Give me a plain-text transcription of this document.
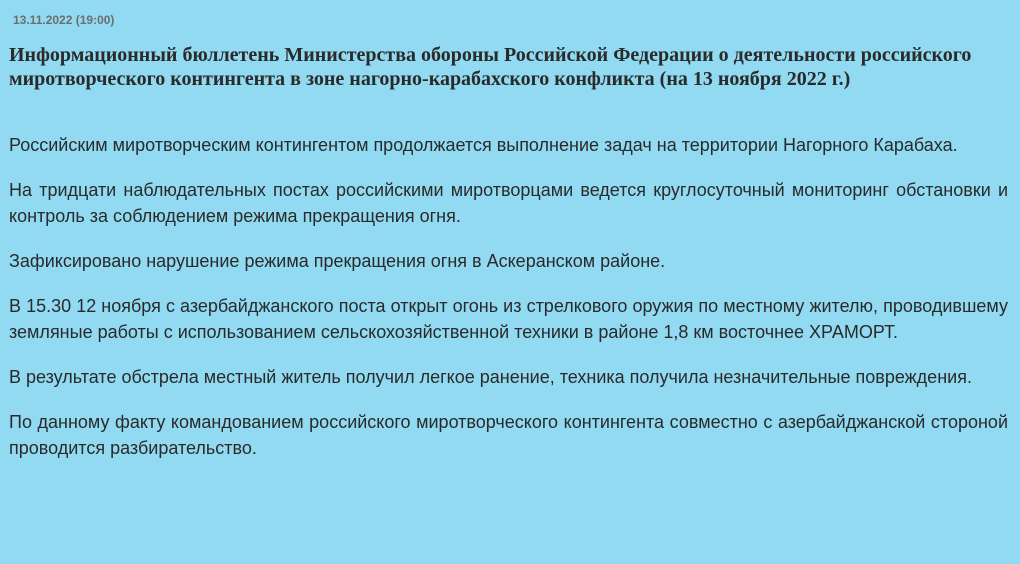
13.11.2022 (19:00)
Информационный бюллетень Министерства обороны Российской Федерации о деятельности российского миротворческого контингента в зоне нагорно-карабахского конфликта (на 13 ноября 2022 г.)

Российским миротворческим контингентом продолжается выполнение задач на территории Нагорного Карабаха.

На тридцати наблюдательных постах российскими миротворцами ведется круглосуточный мониторинг обстановки и контроль за соблюдением режима прекращения огня.

Зафиксировано нарушение режима прекращения огня в Аскеранском районе.

В 15.30 12 ноября с азербайджанского поста открыт огонь из стрелкового оружия по местному жителю, проводившему земляные работы с использованием сельскохозяйственной техники в районе 1,8 км восточнее ХРАМОРТ.

В результате обстрела местный житель получил легкое ранение, техника получила незначительные повреждения.

По данному факту командованием российского миротворческого контингента совместно с азербайджанской стороной проводится разбирательство.
